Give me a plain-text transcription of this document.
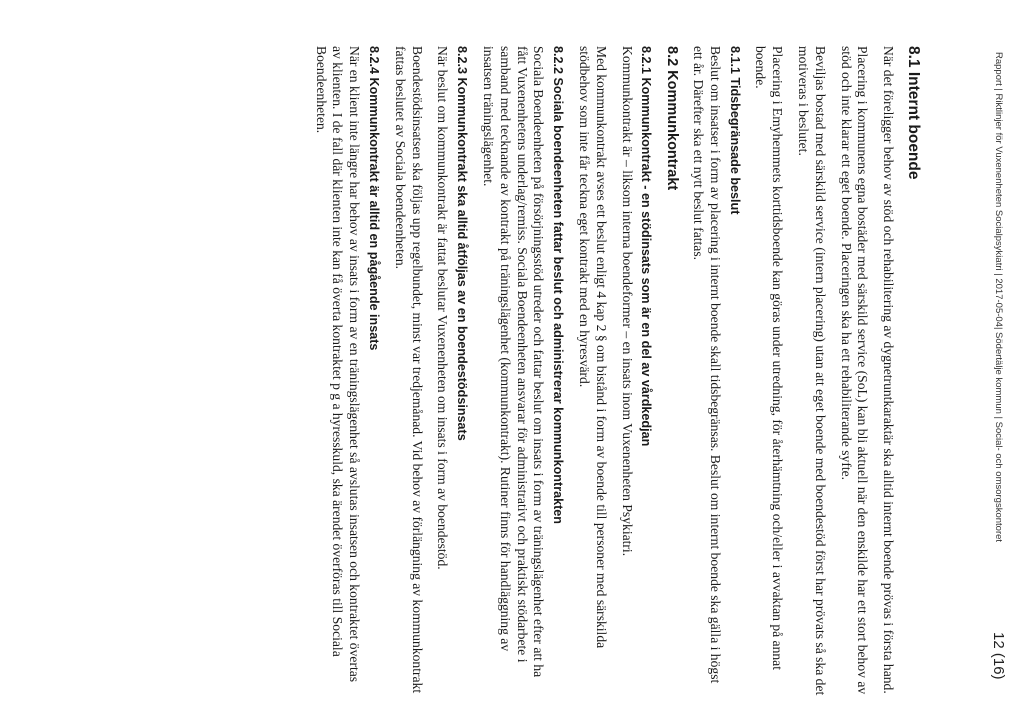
Rapport | Riktlinjer för Vuxenenheten Socialpsykiatri | 2017-05-04| Södertälje kommun | Social- och omsorgskontoret
12 (16)
8.1 Internt boende

När det föreligger behov av stöd och rehabilitering av dygnetruntkaraktär ska alltid internt boende prövas i första hand.

Placering i kommunens egna bostäder med särskild service (SoL) kan bli aktuell när den enskilde har ett stort behov av stöd och inte klarar ett eget boende. Placeringen ska ha ett rehabiliterande syfte.

Beviljas bostad med särskild service (intern placering) utan att eget boende med boendestöd först har prövats så ska det motiveras i beslutet.

Placering i Emyhemmets korttidsboende kan göras under utredning, för återhämtning och/eller i avvaktan på annat boende.

8.1.1 Tidsbegränsade beslut

Beslut om insatser i form av placering i internt boende skall tidsbegränsas. Beslut om internt boende ska gälla i högst ett år. Därefter ska ett nytt beslut fattas.

8.2 Kommunkontrakt
8.2.1 Kommunkontrakt - en stödinsats som är en del av vårdkedjan

Kommunkontrakt är – liksom interna boendeformer – en insats inom Vuxenenheten Psykiatri.

Med kommunkontrakt avses ett beslut enligt 4 kap 2 § om bistånd i form av boende till personer med särskilda stödbehov som inte får teckna eget kontrakt med en hyresvärd.

8.2.2 Sociala boendeenheten fattar beslut och administrerar kommunkontrakten

Sociala Boendeenheten på försörjningsstöd utreder och fattar beslut om insats i form av träningslägenhet efter att ha fått Vuxenenhetens underlag/remiss. Sociala Boendeenheten ansvarar för administrativt och praktiskt stödarbete i samband med tecknande av kontrakt på träningslägenhet (kommunkontrakt). Rutiner finns för handläggning av insatsen träningslägenhet.

8.2.3 Kommunkontrakt ska alltid åtföljas av en boendestödsinsats

När beslut om kommunkontrakt är fattat beslutar Vuxenenheten om insats i form av boendestöd.

Boendestödsinsatsen ska följas upp regelbundet, minst var tredjemånad. Vid behov av förlängning av kommunkontrakt fattas beslutet av Sociala boendeenheten.

8.2.4 Kommunkontrakt är alltid en pågående insats

När en klient inte längre har behov av insats i form av en träningslägenhet så avslutas insatsen och kontraktet övertas av klienten. I de fall där klienten inte kan få överta kontraktet p g a hyresskuld, ska ärendet överföras till Sociala Boendeenheten.
